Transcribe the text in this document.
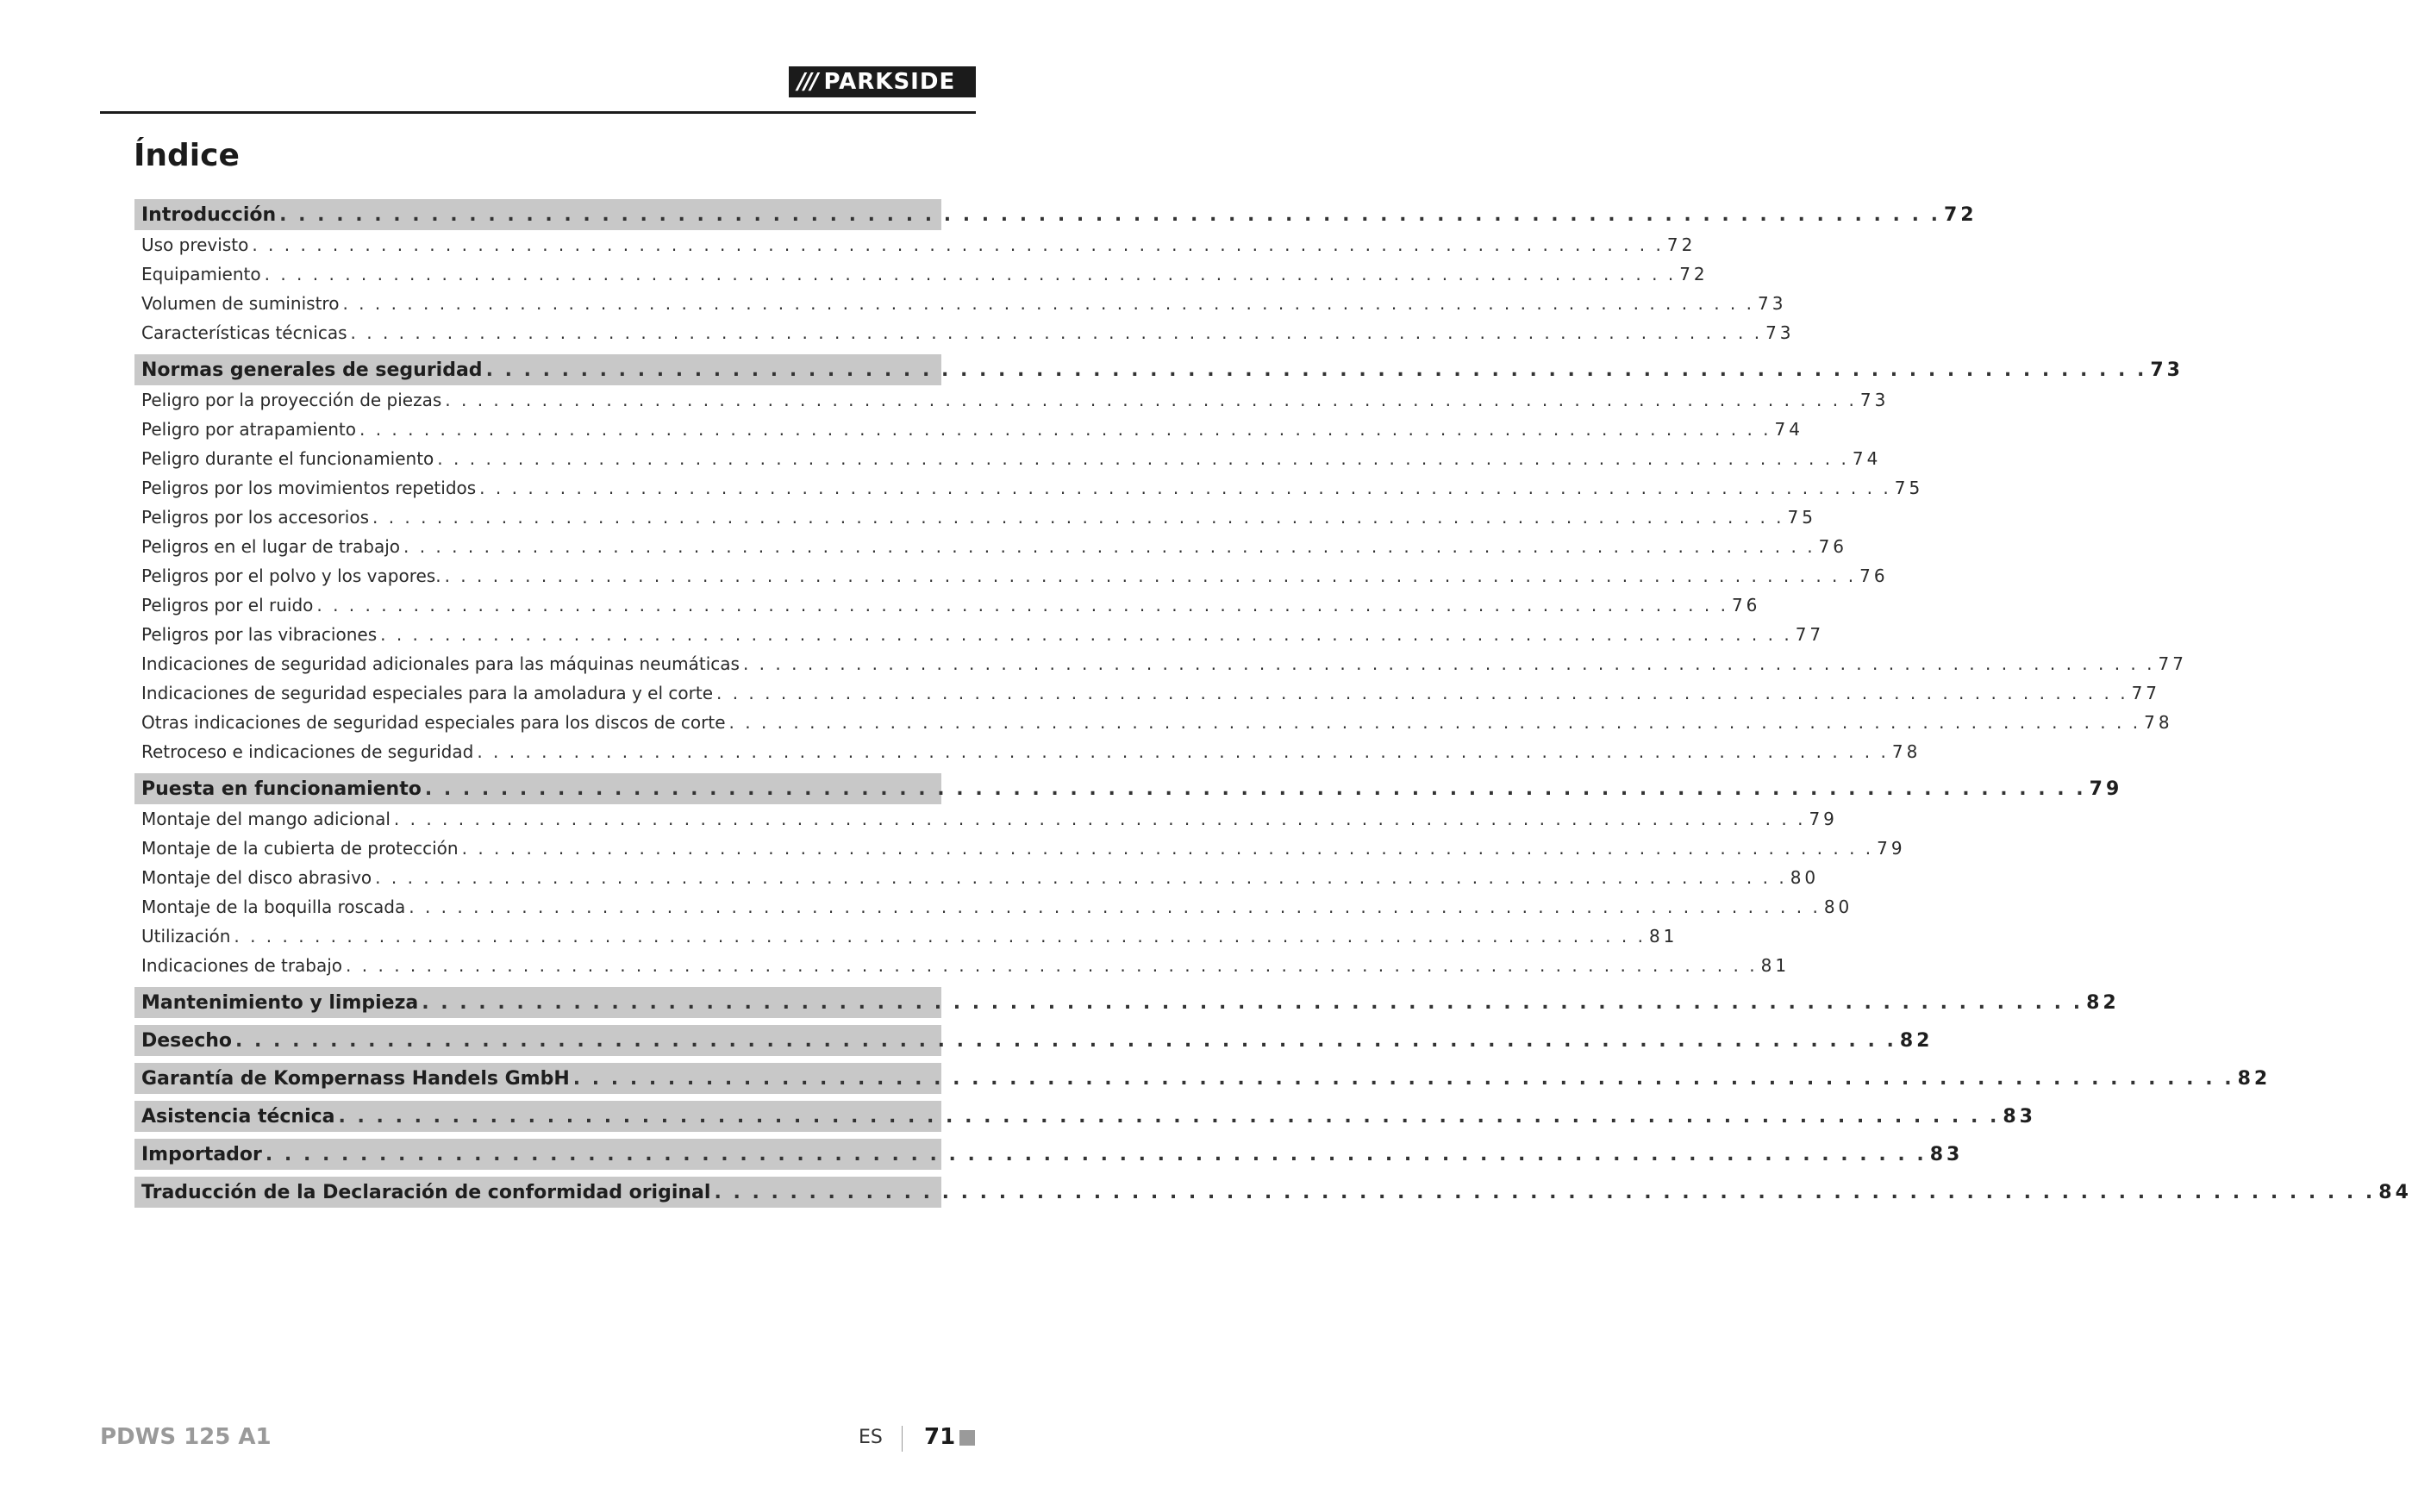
/// PARKSIDE
Índice
Introducción . . . . . . . . . . . . . . . . . . . . . . . . . . . . . . . . . . . . . . . . . . . . . . . . . . . . . . . . . . . . . . . . . . . . . . . . . . . . . . . . . . . . . . . . 72
Uso previsto . . . . . . . . . . . . . . . . . . . . . . . . . . . . . . . . . . . . . . . . . . . . . . . . . . . . . . . . . . . . . . . . . . . . . . . . . . . . . . . . . . . . . . . . 72
Equipamiento . . . . . . . . . . . . . . . . . . . . . . . . . . . . . . . . . . . . . . . . . . . . . . . . . . . . . . . . . . . . . . . . . . . . . . . . . . . . . . . . . . . . . . . . 72
Volumen de suministro . . . . . . . . . . . . . . . . . . . . . . . . . . . . . . . . . . . . . . . . . . . . . . . . . . . . . . . . . . . . . . . . . . . . . . . . . . . . . . . . . . . . . . . . 73
Características técnicas . . . . . . . . . . . . . . . . . . . . . . . . . . . . . . . . . . . . . . . . . . . . . . . . . . . . . . . . . . . . . . . . . . . . . . . . . . . . . . . . . . . . . . . . 73
Normas generales de seguridad . . . . . . . . . . . . . . . . . . . . . . . . . . . . . . . . . . . . . . . . . . . . . . . . . . . . . . . . . . . . . . . . . . . . . . . . . . . . . . . . . . . . . . . . 73
Peligro por la proyección de piezas . . . . . . . . . . . . . . . . . . . . . . . . . . . . . . . . . . . . . . . . . . . . . . . . . . . . . . . . . . . . . . . . . . . . . . . . . . . . . . . . . . . . . . . . 73
Peligro por atrapamiento . . . . . . . . . . . . . . . . . . . . . . . . . . . . . . . . . . . . . . . . . . . . . . . . . . . . . . . . . . . . . . . . . . . . . . . . . . . . . . . . . . . . . . . . 74
Peligro durante el funcionamiento . . . . . . . . . . . . . . . . . . . . . . . . . . . . . . . . . . . . . . . . . . . . . . . . . . . . . . . . . . . . . . . . . . . . . . . . . . . . . . . . . . . . . . . . 74
Peligros por los movimientos repetidos . . . . . . . . . . . . . . . . . . . . . . . . . . . . . . . . . . . . . . . . . . . . . . . . . . . . . . . . . . . . . . . . . . . . . . . . . . . . . . . . . . . . . . . . 75
Peligros por los accesorios . . . . . . . . . . . . . . . . . . . . . . . . . . . . . . . . . . . . . . . . . . . . . . . . . . . . . . . . . . . . . . . . . . . . . . . . . . . . . . . . . . . . . . . . 75
Peligros en el lugar de trabajo . . . . . . . . . . . . . . . . . . . . . . . . . . . . . . . . . . . . . . . . . . . . . . . . . . . . . . . . . . . . . . . . . . . . . . . . . . . . . . . . . . . . . . . . 76
Peligros por el polvo y los vapores. . . . . . . . . . . . . . . . . . . . . . . . . . . . . . . . . . . . . . . . . . . . . . . . . . . . . . . . . . . . . . . . . . . . . . . . . . . . . . . . . . . . . . . . . 76
Peligros por el ruido . . . . . . . . . . . . . . . . . . . . . . . . . . . . . . . . . . . . . . . . . . . . . . . . . . . . . . . . . . . . . . . . . . . . . . . . . . . . . . . . . . . . . . . . 76
Peligros por las vibraciones . . . . . . . . . . . . . . . . . . . . . . . . . . . . . . . . . . . . . . . . . . . . . . . . . . . . . . . . . . . . . . . . . . . . . . . . . . . . . . . . . . . . . . . . 77
Indicaciones de seguridad adicionales para las máquinas neumáticas . . . . . . . . . . . . . . . . . . . . . . . . . . . . . . . . . . . . . . . . . . . . . . . . . . . . . . . . . . . . . . . . . . . . . . . . . . . . . . . . . . . . . . . . 77
Indicaciones de seguridad especiales para la amoladura y el corte . . . . . . . . . . . . . . . . . . . . . . . . . . . . . . . . . . . . . . . . . . . . . . . . . . . . . . . . . . . . . . . . . . . . . . . . . . . . . . . . . . . . . . . . 77
Otras indicaciones de seguridad especiales para los discos de corte . . . . . . . . . . . . . . . . . . . . . . . . . . . . . . . . . . . . . . . . . . . . . . . . . . . . . . . . . . . . . . . . . . . . . . . . . . . . . . . . . . . . . . . . 78
Retroceso e indicaciones de seguridad . . . . . . . . . . . . . . . . . . . . . . . . . . . . . . . . . . . . . . . . . . . . . . . . . . . . . . . . . . . . . . . . . . . . . . . . . . . . . . . . . . . . . . . . 78
Puesta en funcionamiento . . . . . . . . . . . . . . . . . . . . . . . . . . . . . . . . . . . . . . . . . . . . . . . . . . . . . . . . . . . . . . . . . . . . . . . . . . . . . . . . . . . . . . . . 79
Montaje del mango adicional . . . . . . . . . . . . . . . . . . . . . . . . . . . . . . . . . . . . . . . . . . . . . . . . . . . . . . . . . . . . . . . . . . . . . . . . . . . . . . . . . . . . . . . . 79
Montaje de la cubierta de protección . . . . . . . . . . . . . . . . . . . . . . . . . . . . . . . . . . . . . . . . . . . . . . . . . . . . . . . . . . . . . . . . . . . . . . . . . . . . . . . . . . . . . . . . 79
Montaje del disco abrasivo . . . . . . . . . . . . . . . . . . . . . . . . . . . . . . . . . . . . . . . . . . . . . . . . . . . . . . . . . . . . . . . . . . . . . . . . . . . . . . . . . . . . . . . . 80
Montaje de la boquilla roscada . . . . . . . . . . . . . . . . . . . . . . . . . . . . . . . . . . . . . . . . . . . . . . . . . . . . . . . . . . . . . . . . . . . . . . . . . . . . . . . . . . . . . . . . 80
Utilización . . . . . . . . . . . . . . . . . . . . . . . . . . . . . . . . . . . . . . . . . . . . . . . . . . . . . . . . . . . . . . . . . . . . . . . . . . . . . . . . . . . . . . . . 81
Indicaciones de trabajo . . . . . . . . . . . . . . . . . . . . . . . . . . . . . . . . . . . . . . . . . . . . . . . . . . . . . . . . . . . . . . . . . . . . . . . . . . . . . . . . . . . . . . . . 81
Mantenimiento y limpieza . . . . . . . . . . . . . . . . . . . . . . . . . . . . . . . . . . . . . . . . . . . . . . . . . . . . . . . . . . . . . . . . . . . . . . . . . . . . . . . . . . . . . . . . 82
Desecho . . . . . . . . . . . . . . . . . . . . . . . . . . . . . . . . . . . . . . . . . . . . . . . . . . . . . . . . . . . . . . . . . . . . . . . . . . . . . . . . . . . . . . . . 82
Garantía de Kompernass Handels GmbH . . . . . . . . . . . . . . . . . . . . . . . . . . . . . . . . . . . . . . . . . . . . . . . . . . . . . . . . . . . . . . . . . . . . . . . . . . . . . . . . . . . . . . . . 82
Asistencia técnica . . . . . . . . . . . . . . . . . . . . . . . . . . . . . . . . . . . . . . . . . . . . . . . . . . . . . . . . . . . . . . . . . . . . . . . . . . . . . . . . . . . . . . . . 83
Importador . . . . . . . . . . . . . . . . . . . . . . . . . . . . . . . . . . . . . . . . . . . . . . . . . . . . . . . . . . . . . . . . . . . . . . . . . . . . . . . . . . . . . . . . 83
Traducción de la Declaración de conformidad original . . . . . . . . . . . . . . . . . . . . . . . . . . . . . . . . . . . . . . . . . . . . . . . . . . . . . . . . . . . . . . . . . . . . . . . . . . . . . . . . . . . . . . . . 84
PDWS 125 A1	ES 71
